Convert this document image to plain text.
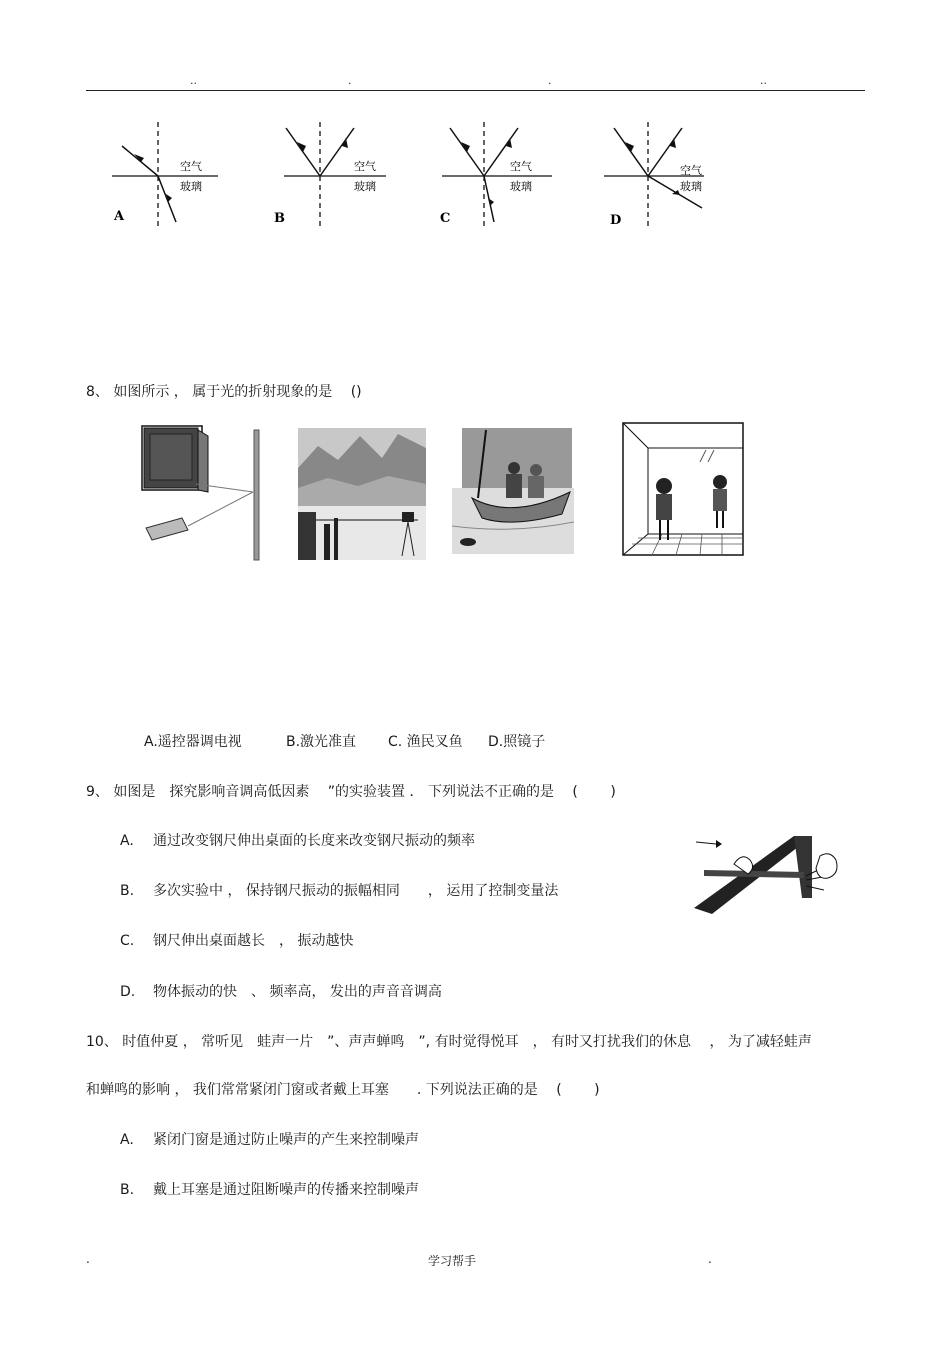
..	.	.	..
空气
玻璃
A
空气
玻璃
B
空气
玻璃
C
空气
玻璃
D
8、 如图所示 ， 属于光的折射现象的是　 ()
A.遥控器调电视	B.激光准直 C. 渔民叉鱼 D.照镜子
9、 如图是　探究影响音调高低因素　 ”的实验装置 ． 下列说法不正确的是　 (　　 )
A. 通过改变钢尺伸出桌面的长度来改变钢尺振动的频率
B. 多次实验中 ， 保持钢尺振动的振幅相同　　， 运用了控制变量法
C. 钢尺伸出桌面越长　， 振动越快
D. 物体振动的快　、 频率高， 发出的声音音调高
10、 时值仲夏 ， 常听见　蛙声一片　”、声声蝉鸣　”, 有时觉得悦耳　， 有时又打扰我们的休息　 ， 为了减轻蛙声
和蝉鸣的影响 ， 我们常常紧闭门窗或者戴上耳塞　　. 下列说法正确的是　 (　　 )
A. 紧闭门窗是通过防止噪声的产生来控制噪声
B. 戴上耳塞是通过阻断噪声的传播来控制噪声
.	学习帮手	.
